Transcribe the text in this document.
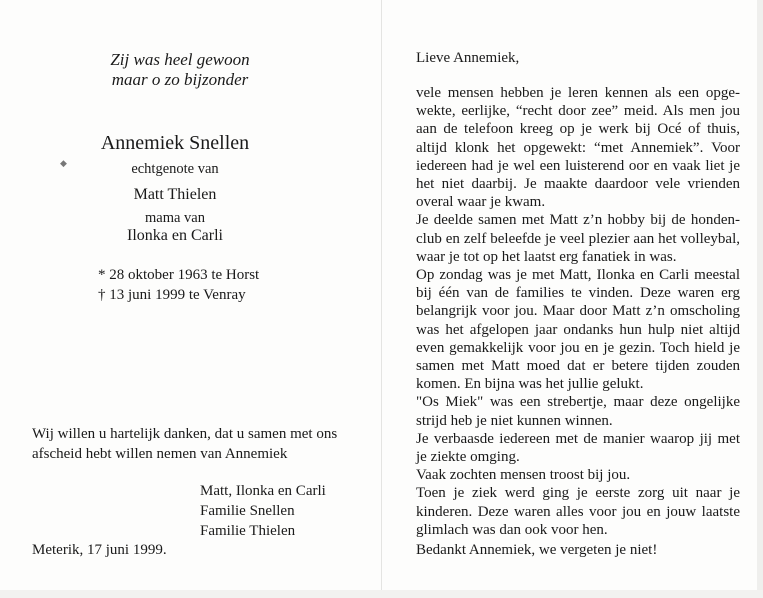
Zij was heel gewoon
maar o zo bijzonder
Annemiek Snellen
◆	echtgenote van
Matt Thielen
mama van
Ilonka en Carli
* 28 oktober 1963 te Horst
† 13 juni 1999 te Venray
Wij willen u hartelijk danken, dat u samen met ons
afscheid hebt willen nemen van Annemiek
Matt, Ilonka en Carli
Familie Snellen
Familie Thielen
Meterik, 17 juni 1999.
Lieve Annemiek,

vele mensen hebben je leren kennen als een opge-wekte, eerlijke, “recht door zee” meid. Als men jou aan de telefoon kreeg op je werk bij Océ of thuis, altijd klonk het opgewekt: “met Annemiek”. Voor iedereen had je wel een luisterend oor en vaak liet je het niet daarbij. Je maakte daardoor vele vrienden overal waar je kwam.

Je deelde samen met Matt z’n hobby bij de honden-club en zelf beleefde je veel plezier aan het volleybal, waar je tot op het laatst erg fanatiek in was.

Op zondag was je met Matt, Ilonka en Carli meestal bij één van de families te vinden. Deze waren erg belangrijk voor jou. Maar door Matt z’n omscholing was het afgelopen jaar ondanks hun hulp niet altijd even gemakkelijk voor jou en je gezin. Toch hield je samen met Matt moed dat er betere tijden zouden komen. En bijna was het jullie gelukt.

"Os Miek" was een strebertje, maar deze ongelijke strijd heb je niet kunnen winnen.

Je verbaasde iedereen met de manier waarop jij met je ziekte omging.

Vaak zochten mensen troost bij jou.

Toen je ziek werd ging je eerste zorg uit naar je kinderen. Deze waren alles voor jou en jouw laatste glimlach was dan ook voor hen.

Bedankt Annemiek, we vergeten je niet!
